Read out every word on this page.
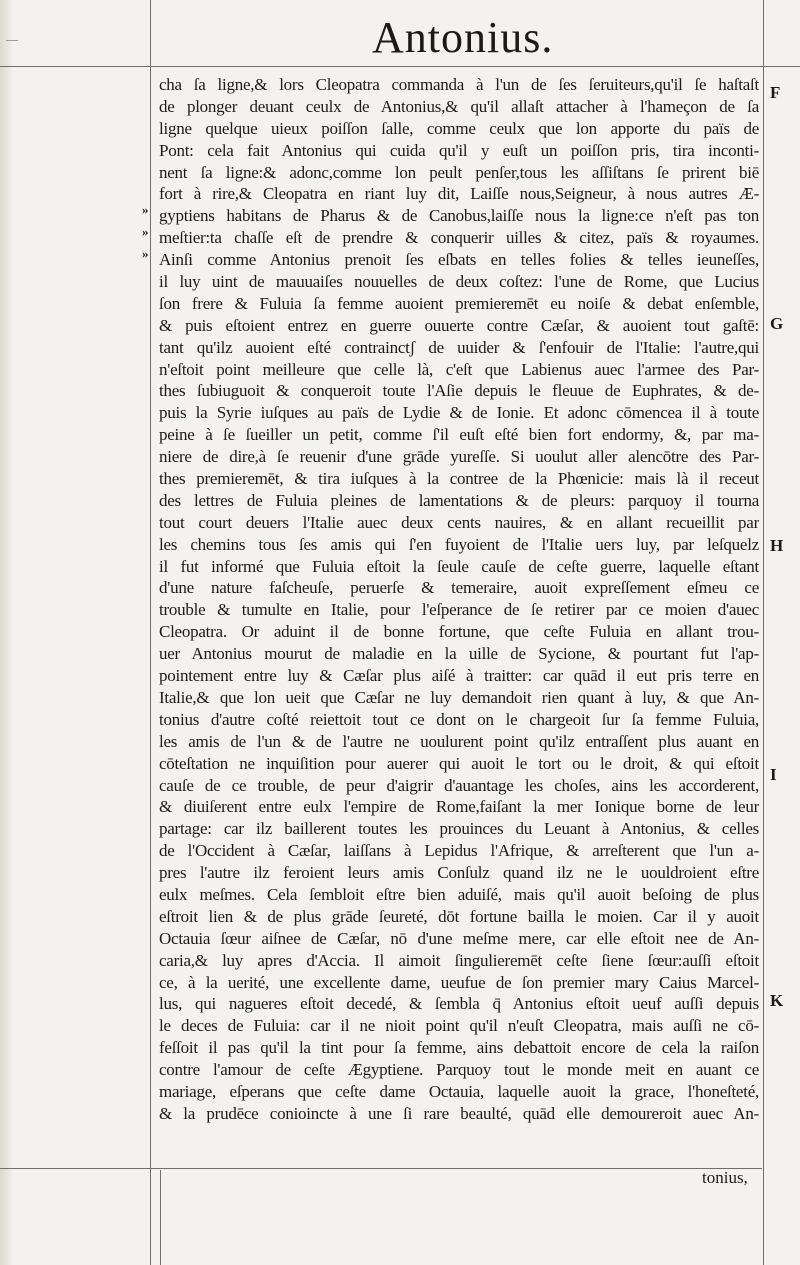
Antonius.
cha ſa ligne,& lors Cleopatra commanda à l'un de ſes ſeruiteurs,qu'il ſe haſtaſt
de plonger deuant ceulx de Antonius,& qu'il allaſt attacher à l'hameçon de ſa
ligne quelque uieux poiſſon ſalle, comme ceulx que lon apporte du païs de
Pont: cela fait Antonius qui cuida qu'il y euſt un poiſſon pris, tira inconti-
nent ſa ligne:& adonc,comme lon peult penſer,tous les aſſiſtans ſe prirent biē
fort à rire,& Cleopatra en riant luy dit, Laiſſe nous,Seigneur, à nous autres Æ-
gyptiens habitans de Pharus & de Canobus,laiſſe nous la ligne:ce n'eſt pas ton
meſtier:ta chaſſe eſt de prendre & conquerir uilles & citez, païs & royaumes.
Ainſi comme Antonius prenoit ſes eſbats en telles folies & telles ieuneſſes,
il luy uint de mauuaiſes nouuelles de deux coſtez: l'une de Rome, que Lucius
ſon frere & Fuluia ſa femme auoient premieremēt eu noiſe & debat enſemble,
& puis eſtoient entrez en guerre ouuerte contre Cæſar, & auoient tout gaſtē:
tant qu'ilz auoient eſté contrainctʃ de uuider & ſ'enfouir de l'Italie: l'autre,qui
n'eſtoit point meilleure que celle là, c'eſt que Labienus auec l'armee des Par-
thes ſubiuguoit & conqueroit toute l'Aſie depuis le fleuue de Euphrates, & de-
puis la Syrie iuſques au païs de Lydie & de Ionie. Et adonc cōmencea il à toute
peine à ſe ſueiller un petit, comme ſ'il euſt eſté bien fort endormy, &, par ma-
niere de dire,à ſe reuenir d'une grāde yureſſe. Si uoulut aller alencōtre des Par-
thes premieremēt, & tira iuſques à la contree de la Phœnicie: mais là il receut
des lettres de Fuluia pleines de lamentations & de pleurs: parquoy il tourna
tout court deuers l'Italie auec deux cents nauires, & en allant recueillit par
les chemins tous ſes amis qui ſ'en fuyoient de l'Italie uers luy, par leſquelz
il fut informé que Fuluia eſtoit la ſeule cauſe de ceſte guerre, laquelle eſtant
d'une nature faſcheuſe, peruerſe & temeraire, auoit expreſſement eſmeu ce
trouble & tumulte en Italie, pour l'eſperance de ſe retirer par ce moien d'auec
Cleopatra. Or aduint il de bonne fortune, que ceſte Fuluia en allant trou-
uer Antonius mourut de maladie en la uille de Sycione, & pourtant fut l'ap-
pointement entre luy & Cæſar plus aiſé à traitter: car quād il eut pris terre en
Italie,& que lon ueit que Cæſar ne luy demandoit rien quant à luy, & que An-
tonius d'autre coſté reiettoit tout ce dont on le chargeoit ſur ſa femme Fuluia,
les amis de l'un & de l'autre ne uoulurent point qu'ilz entraſſent plus auant en
cōteſtation ne inquiſition pour auerer qui auoit le tort ou le droit, & qui eſtoit
cauſe de ce trouble, de peur d'aigrir d'auantage les choſes, ains les accorderent,
& diuiſerent entre eulx l'empire de Rome,faiſant la mer Ionique borne de leur
partage: car ilz baillerent toutes les prouinces du Leuant à Antonius, & celles
de l'Occident à Cæſar, laiſſans à Lepidus l'Afrique, & arreſterent que l'un a-
pres l'autre ilz feroient leurs amis Conſulz quand ilz ne le uouldroient eſtre
eulx meſmes. Cela ſembloit eſtre bien aduiſé, mais qu'il auoit beſoing de plus
eſtroit lien & de plus grāde ſeureté, dōt fortune bailla le moien. Car il y auoit
Octauia ſœur aiſnee de Cæſar, nō d'une meſme mere, car elle eſtoit nee de An-
caria,& luy apres d'Accia. Il aimoit ſingulieremēt ceſte ſiene ſœur:auſſi eſtoit
ce, à la uerité, une excellente dame, ueufue de ſon premier mary Caius Marcel-
lus, qui nagueres eſtoit decedé, & ſembla q̄ Antonius eſtoit ueuf auſſi depuis
le deces de Fuluia: car il ne nioit point qu'il n'euſt Cleopatra, mais auſſi ne cō-
feſſoit il pas qu'il la tint pour ſa femme, ains debattoit encore de cela la raiſon
contre l'amour de ceſte Ægyptiene. Parquoy tout le monde meit en auant ce
mariage, eſperans que ceſte dame Octauia, laquelle auoit la grace, l'honeſteté,
& la prudēce conioincte à une ſi rare beaulté, quād elle demoureroit auec An-
»
»
»
F
G
H
I
K
tonius,
